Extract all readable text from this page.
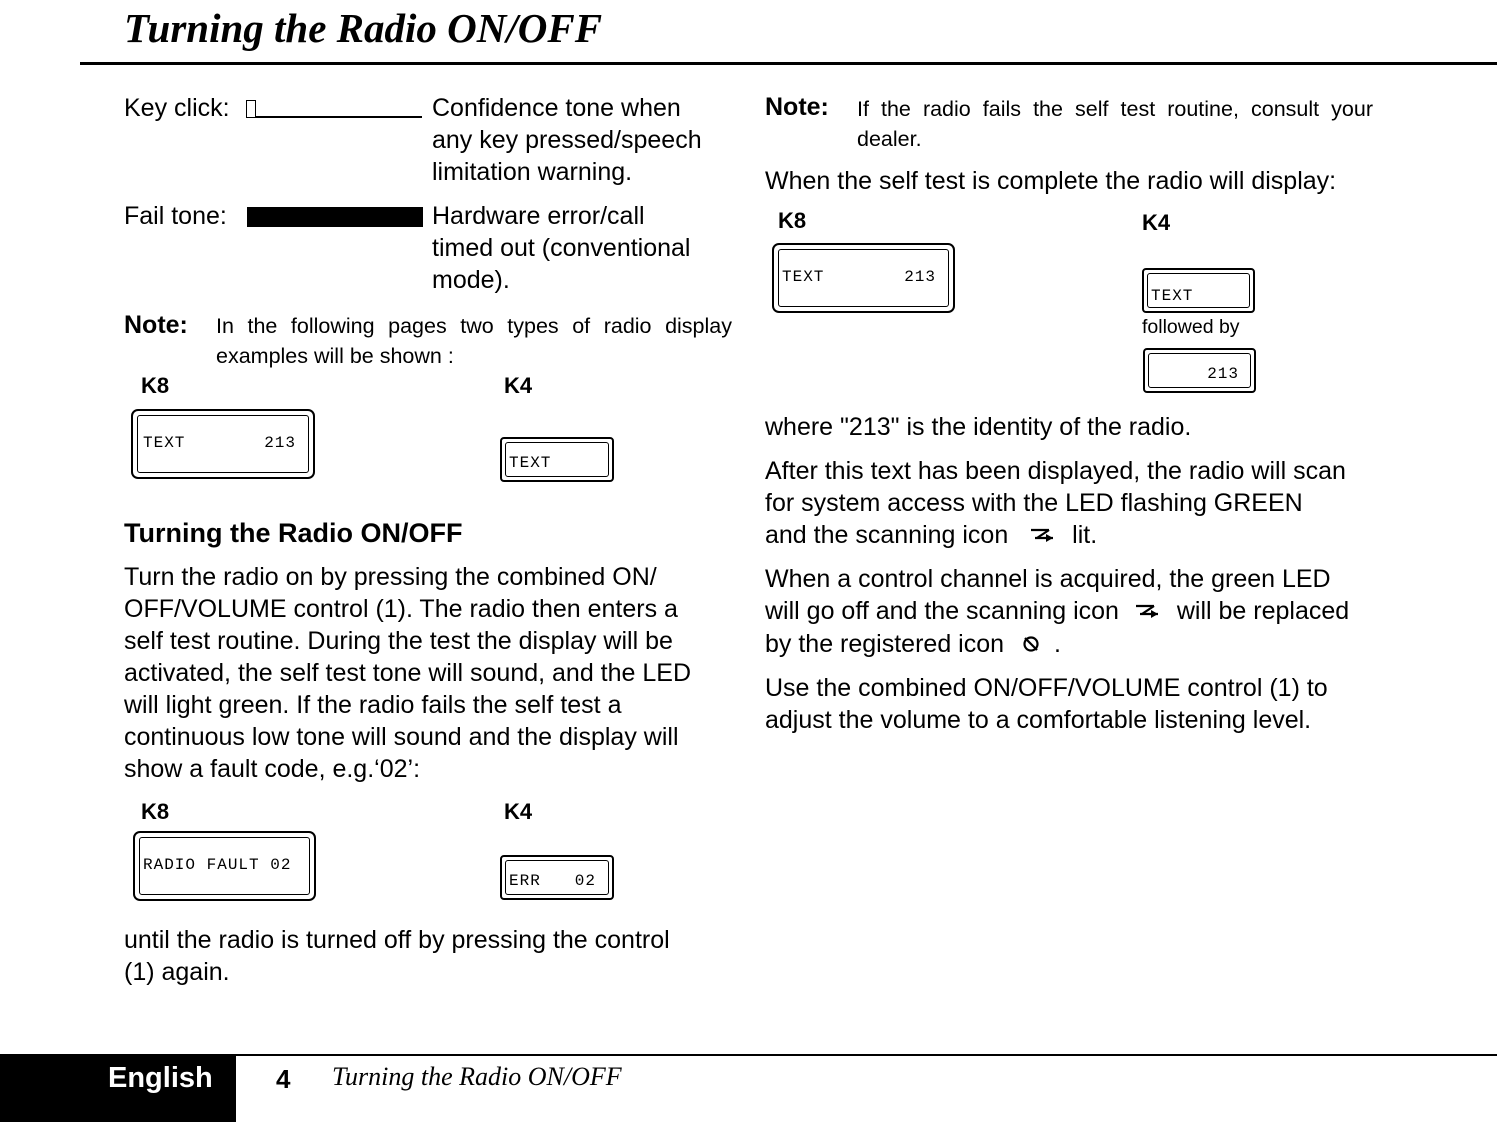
Turning the Radio ON/OFF
Key click:	Confidence tone when
any key pressed/speech
limitation warning.
Fail tone:	Hardware error/call
timed out (conventional
mode).
Note: In the following pages two types of radio display
examples will be shown :
K8	K4
TEXT	213
TEXT
Turning the Radio ON/OFF
Turn the radio on by pressing the combined ON/
OFF/VOLUME control (1). The radio then enters a
self test routine. During the test the display will be
activated, the self test tone will sound, and the LED
will light green. If the radio fails the self test a
continuous low tone will sound and the display will
show a fault code, e.g.‘02’:
K8	K4
RADIO FAULT 02
ERR 02
until the radio is turned off by pressing the control
(1) again.
Note: If the radio fails the self test routine, consult your
dealer.
When the self test is complete the radio will display:
K8	K4
TEXT	213
TEXT
followed by
213
where "213" is the identity of the radio.
After this text has been displayed, the radio will scan
for system access with the LED flashing GREEN
and the scanning icon	lit.
When a control channel is acquired, the green LED
will go off and the scanning icon will be replaced
by the registered icon .
Use the combined ON/OFF/VOLUME control (1) to
adjust the volume to a comfortable listening level.
English 4 Turning the Radio ON/OFF
